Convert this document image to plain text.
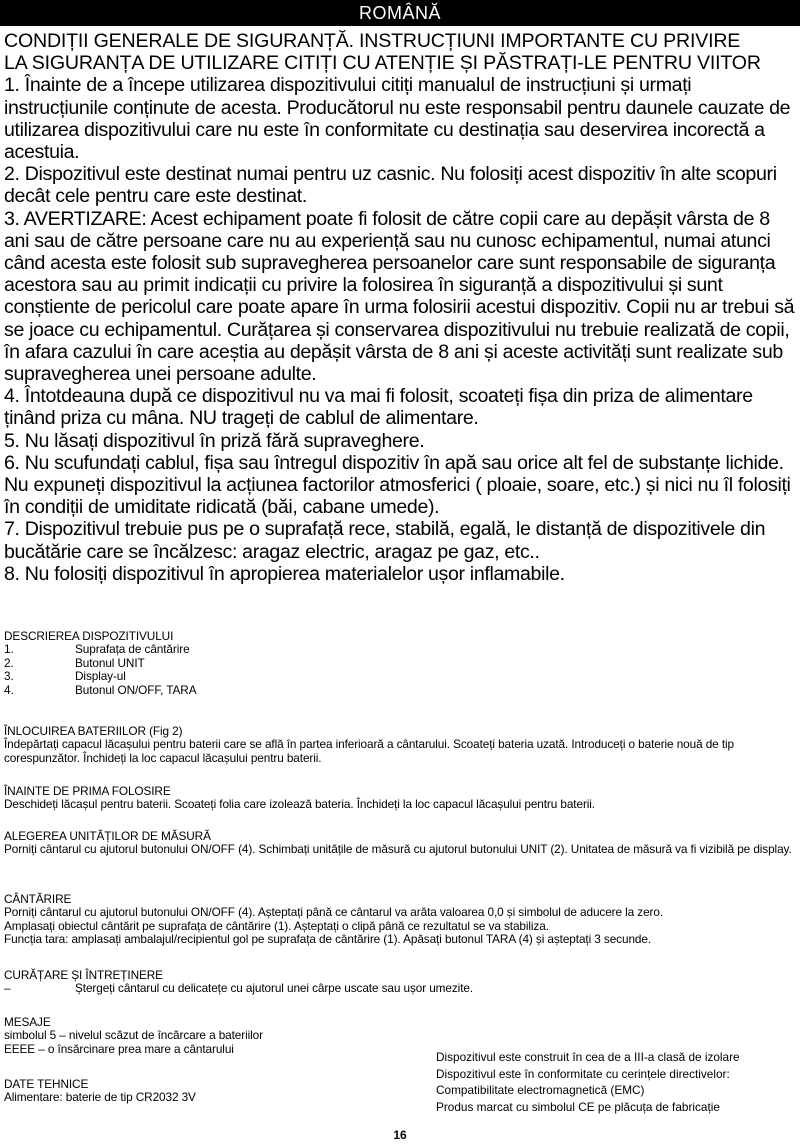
ROMÂNĂ

CONDIȚII GENERALE DE SIGURANȚĂ. INSTRUCȚIUNI IMPORTANTE CU PRIVIRE

LA SIGURANȚA DE UTILIZARE CITIȚI CU ATENȚIE ȘI PĂSTRAȚI-LE PENTRU VIITOR

1. Înainte de a începe utilizarea dispozitivului citiți manualul de instrucțiuni și urmați instrucțiunile conținute de acesta. Producătorul nu este responsabil pentru daunele cauzate de utilizarea dispozitivului care nu este în conformitate cu destinația sau deservirea incorectă a acestuia.

2. Dispozitivul este destinat numai pentru uz casnic. Nu folosiți acest dispozitiv în alte scopuri decât cele pentru care este destinat.

3. AVERTIZARE: Acest echipament poate fi folosit de către copii care au depășit vârsta de 8 ani sau de către persoane care nu au experiență sau nu cunosc echipamentul, numai atunci când acesta este folosit sub supravegherea persoanelor care sunt responsabile de siguranța acestora sau au primit indicații cu privire la folosirea în siguranță a dispozitivului și sunt conștiente de pericolul care poate apare în urma folosirii acestui dispozitiv. Copii nu ar trebui să se joace cu echipamentul. Curățarea și conservarea dispozitivului nu trebuie realizată de copii, în afara cazului în care aceștia au depășit vârsta de 8 ani și aceste activități sunt realizate sub supravegherea unei persoane adulte.

4. Întotdeauna după ce dispozitivul nu va mai fi folosit, scoateți fișa din priza de alimentare ținând priza cu mâna. NU trageți de cablul de alimentare.

5. Nu lăsați dispozitivul în priză fără supraveghere.

6. Nu scufundați cablul, fișa sau întregul dispozitiv în apă sau orice alt fel de substanțe lichide. Nu expuneți dispozitivul la acțiunea factorilor atmosferici ( ploaie, soare, etc.) și nici nu îl folosiți în condiții de umiditate ridicată (băi, cabane umede).

7. Dispozitivul trebuie pus pe o suprafață rece, stabilă, egală, le distanță de dispozitivele din bucătărie care se încălzesc: aragaz electric, aragaz pe gaz, etc..

8. Nu folosiți dispozitivul în apropierea materialelor ușor inflamabile.

DESCRIEREA DISPOZITIVULUI
1.	Suprafața de cântărire
2.	Butonul UNIT
3.	Display-ul
4.	Butonul ON/OFF, TARA
ÎNLOCUIREA BATERIILOR (Fig 2)
Îndepărtați capacul lăcașului pentru baterii care se află în partea inferioară a cântarului. Scoateți bateria uzată. Introduceți o baterie nouă de tip corespunzător. Închideți la loc capacul lăcașului pentru baterii.
ÎNAINTE DE PRIMA FOLOSIRE
Deschideți lăcașul pentru baterii. Scoateți folia care izolează bateria. Închideți la loc capacul lăcașului pentru baterii.
ALEGEREA UNITĂȚILOR DE MĂSURĂ
Porniți cântarul cu ajutorul butonului ON/OFF (4). Schimbați unitățile de măsură cu ajutorul butonului UNIT (2). Unitatea de măsură va fi vizibilă pe display.
CÂNTĂRIRE
Porniți cântarul cu ajutorul butonului ON/OFF (4). Așteptați până ce cântarul va arăta valoarea 0,0 și simbolul de aducere la zero.
Amplasați obiectul cântărit pe suprafața de cântărire (1). Așteptați o clipă până ce rezultatul se va stabiliza.
Funcția tara: amplasați ambalajul/recipientul gol pe suprafața de cântărire (1). Apăsați butonul TARA (4) și așteptați 3 secunde.
CURĂȚARE ȘI ÎNTREȚINERE
–	Ștergeți cântarul cu delicatețe cu ajutorul unei cârpe uscate sau ușor umezite.
MESAJE
simbolul 5 – nivelul scăzut de încărcare a bateriilor
EEEE – o însărcinare prea mare a cântarului
DATE TEHNICE
Alimentare: baterie de tip CR2032 3V
Dispozitivul este construit în cea de a III-a clasă de izolare
Dispozitivul este în conformitate cu cerințele directivelor:
Compatibilitate electromagnetică (EMC)
Produs marcat cu simbolul CE pe plăcuța de fabricație
16
